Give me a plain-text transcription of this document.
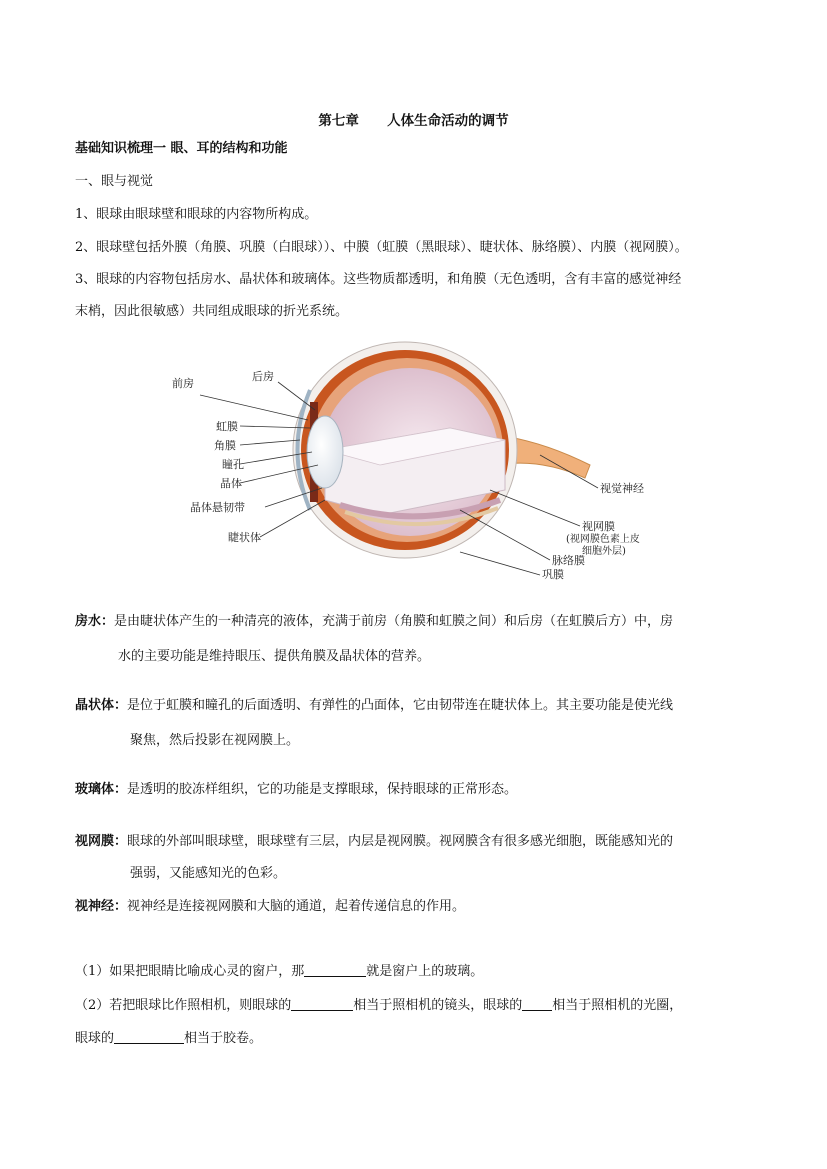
第七章      人体生命活动的调节
基础知识梳理一 眼、耳的结构和功能
一、眼与视觉
1、眼球由眼球壁和眼球的内容物所构成。
2、眼球壁包括外膜（角膜、巩膜（白眼球））、中膜（虹膜（黑眼球）、睫状体、脉络膜）、内膜（视网膜）。
3、眼球的内容物包括房水、晶状体和玻璃体。这些物质都透明，和角膜（无色透明，含有丰富的感觉神经
末梢，因此很敏感）共同组成眼球的折光系统。
前房
后房
虹膜
角膜
瞳孔
晶体
晶体悬韧带
睫状体
视觉神经
视网膜
(视网膜色素上皮
细胞外层)
脉络膜
巩膜
房水：是由睫状体产生的一种清亮的液体，充满于前房（角膜和虹膜之间）和后房（在虹膜后方）中，房
水的主要功能是维持眼压、提供角膜及晶状体的营养。
晶状体：是位于虹膜和瞳孔的后面透明、有弹性的凸面体，它由韧带连在睫状体上。其主要功能是使光线
聚焦，然后投影在视网膜上。
玻璃体：是透明的胶冻样组织，它的功能是支撑眼球，保持眼球的正常形态。
视网膜：眼球的外部叫眼球壁，眼球壁有三层，内层是视网膜。视网膜含有很多感光细胞，既能感知光的
强弱，又能感知光的色彩。
视神经：视神经是连接视网膜和大脑的通道，起着传递信息的作用。
（1）如果把眼睛比喻成心灵的窗户，那	就是窗户上的玻璃。
（2）若把眼球比作照相机，则眼球的	相当于照相机的镜头，眼球的 相当于照相机的光圈，
眼球的	相当于胶卷。
